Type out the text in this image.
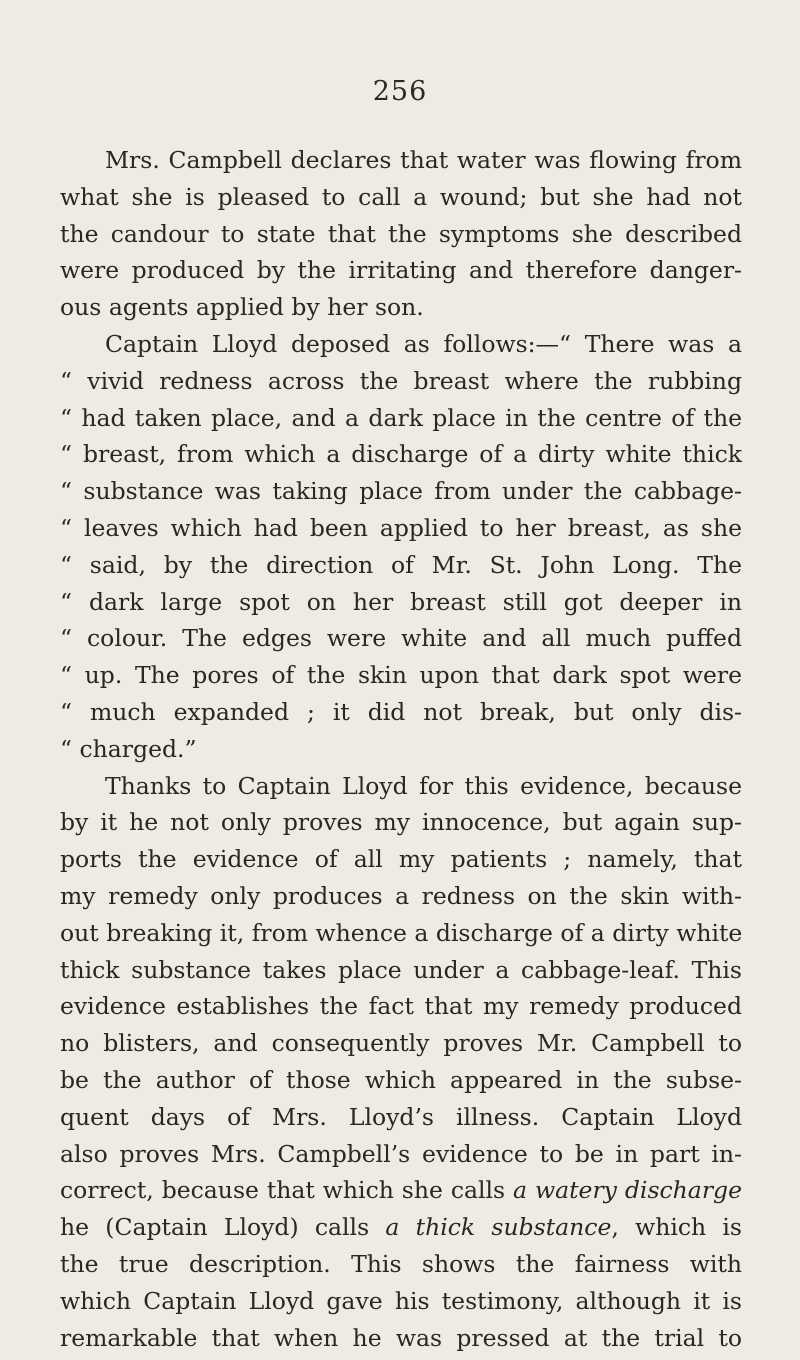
256
Mrs. Campbell declares that water was flowing from
what she is pleased to call a wound; but she had not
the candour to state that the symptoms she described
were produced by the irritating and therefore danger-
ous agents applied by her son.
Captain Lloyd deposed as follows:—“ There was a
“ vivid redness across the breast where the rubbing
“ had taken place, and a dark place in the centre of the
“ breast, from which a discharge of a dirty white thick
“ substance was taking place from under the cabbage-
“ leaves which had been applied to her breast, as she
“ said, by the direction of Mr. St. John Long. The
“ dark large spot on her breast still got deeper in
“ colour. The edges were white and all much puffed
“ up. The pores of the skin upon that dark spot were
“ much expanded ; it did not break, but only dis-
“ charged.”
Thanks to Captain Lloyd for this evidence, because
by it he not only proves my innocence, but again sup-
ports the evidence of all my patients ; namely, that
my remedy only produces a redness on the skin with-
out breaking it, from whence a discharge of a dirty white
thick substance takes place under a cabbage-leaf. This
evidence establishes the fact that my remedy produced
no blisters, and consequently proves Mr. Campbell to
be the author of those which appeared in the subse-
quent days of Mrs. Lloyd’s illness. Captain Lloyd
also proves Mrs. Campbell’s evidence to be in part in-
correct, because that which she calls a watery discharge
he (Captain Lloyd) calls a thick substance, which is
the true description. This shows the fairness with
which Captain Lloyd gave his testimony, although it is
remarkable that when he was pressed at the trial to
